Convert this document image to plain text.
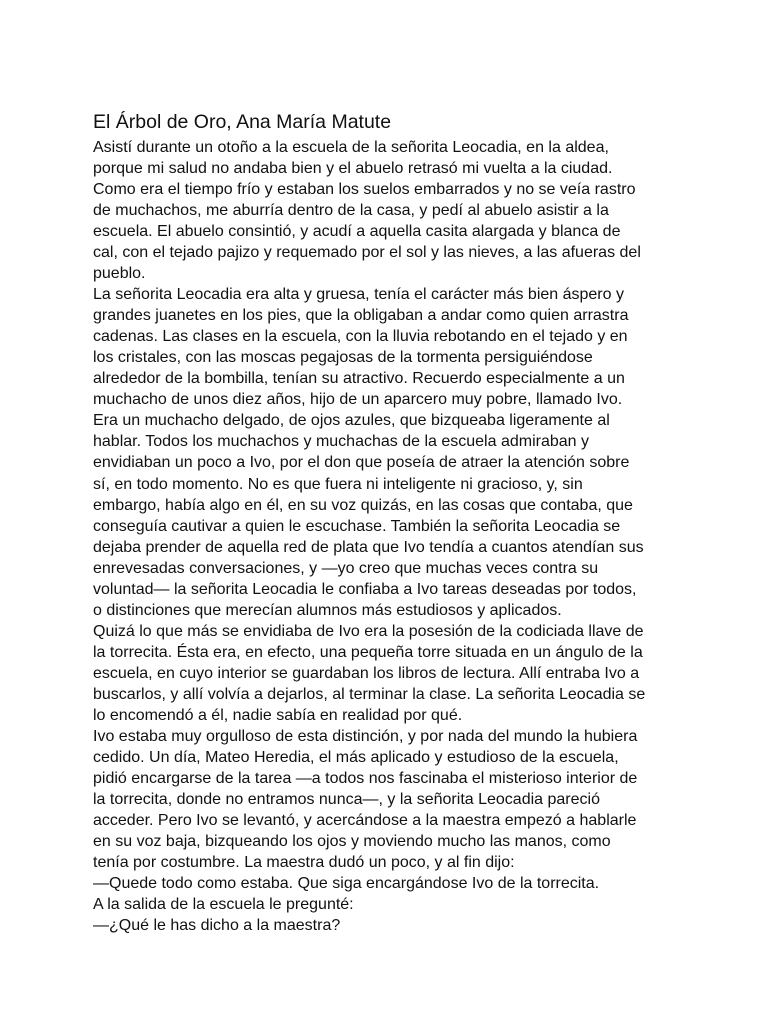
El Árbol de Oro, Ana María Matute
Asistí durante un otoño a la escuela de la señorita Leocadia, en la aldea,
porque mi salud no andaba bien y el abuelo retrasó mi vuelta a la ciudad.
Como era el tiempo frío y estaban los suelos embarrados y no se veía rastro
de muchachos, me aburría dentro de la casa, y pedí al abuelo asistir a la
escuela. El abuelo consintió, y acudí a aquella casita alargada y blanca de
cal, con el tejado pajizo y requemado por el sol y las nieves, a las afueras del
pueblo.
La señorita Leocadia era alta y gruesa, tenía el carácter más bien áspero y
grandes juanetes en los pies, que la obligaban a andar como quien arrastra
cadenas. Las clases en la escuela, con la lluvia rebotando en el tejado y en
los cristales, con las moscas pegajosas de la tormenta persiguiéndose
alrededor de la bombilla, tenían su atractivo. Recuerdo especialmente a un
muchacho de unos diez años, hijo de un aparcero muy pobre, llamado Ivo.
Era un muchacho delgado, de ojos azules, que bizqueaba ligeramente al
hablar. Todos los muchachos y muchachas de la escuela admiraban y
envidiaban un poco a Ivo, por el don que poseía de atraer la atención sobre
sí, en todo momento. No es que fuera ni inteligente ni gracioso, y, sin
embargo, había algo en él, en su voz quizás, en las cosas que contaba, que
conseguía cautivar a quien le escuchase. También la señorita Leocadia se
dejaba prender de aquella red de plata que Ivo tendía a cuantos atendían sus
enrevesadas conversaciones, y —yo creo que muchas veces contra su
voluntad— la señorita Leocadia le confiaba a Ivo tareas deseadas por todos,
o distinciones que merecían alumnos más estudiosos y aplicados.
Quizá lo que más se envidiaba de Ivo era la posesión de la codiciada llave de
la torrecita. Ésta era, en efecto, una pequeña torre situada en un ángulo de la
escuela, en cuyo interior se guardaban los libros de lectura. Allí entraba Ivo a
buscarlos, y allí volvía a dejarlos, al terminar la clase. La señorita Leocadia se
lo encomendó a él, nadie sabía en realidad por qué.
Ivo estaba muy orgulloso de esta distinción, y por nada del mundo la hubiera
cedido. Un día, Mateo Heredia, el más aplicado y estudioso de la escuela,
pidió encargarse de la tarea —a todos nos fascinaba el misterioso interior de
la torrecita, donde no entramos nunca—, y la señorita Leocadia pareció
acceder. Pero Ivo se levantó, y acercándose a la maestra empezó a hablarle
en su voz baja, bizqueando los ojos y moviendo mucho las manos, como
tenía por costumbre. La maestra dudó un poco, y al fin dijo:
—Quede todo como estaba. Que siga encargándose Ivo de la torrecita.
A la salida de la escuela le pregunté:
—¿Qué le has dicho a la maestra?
